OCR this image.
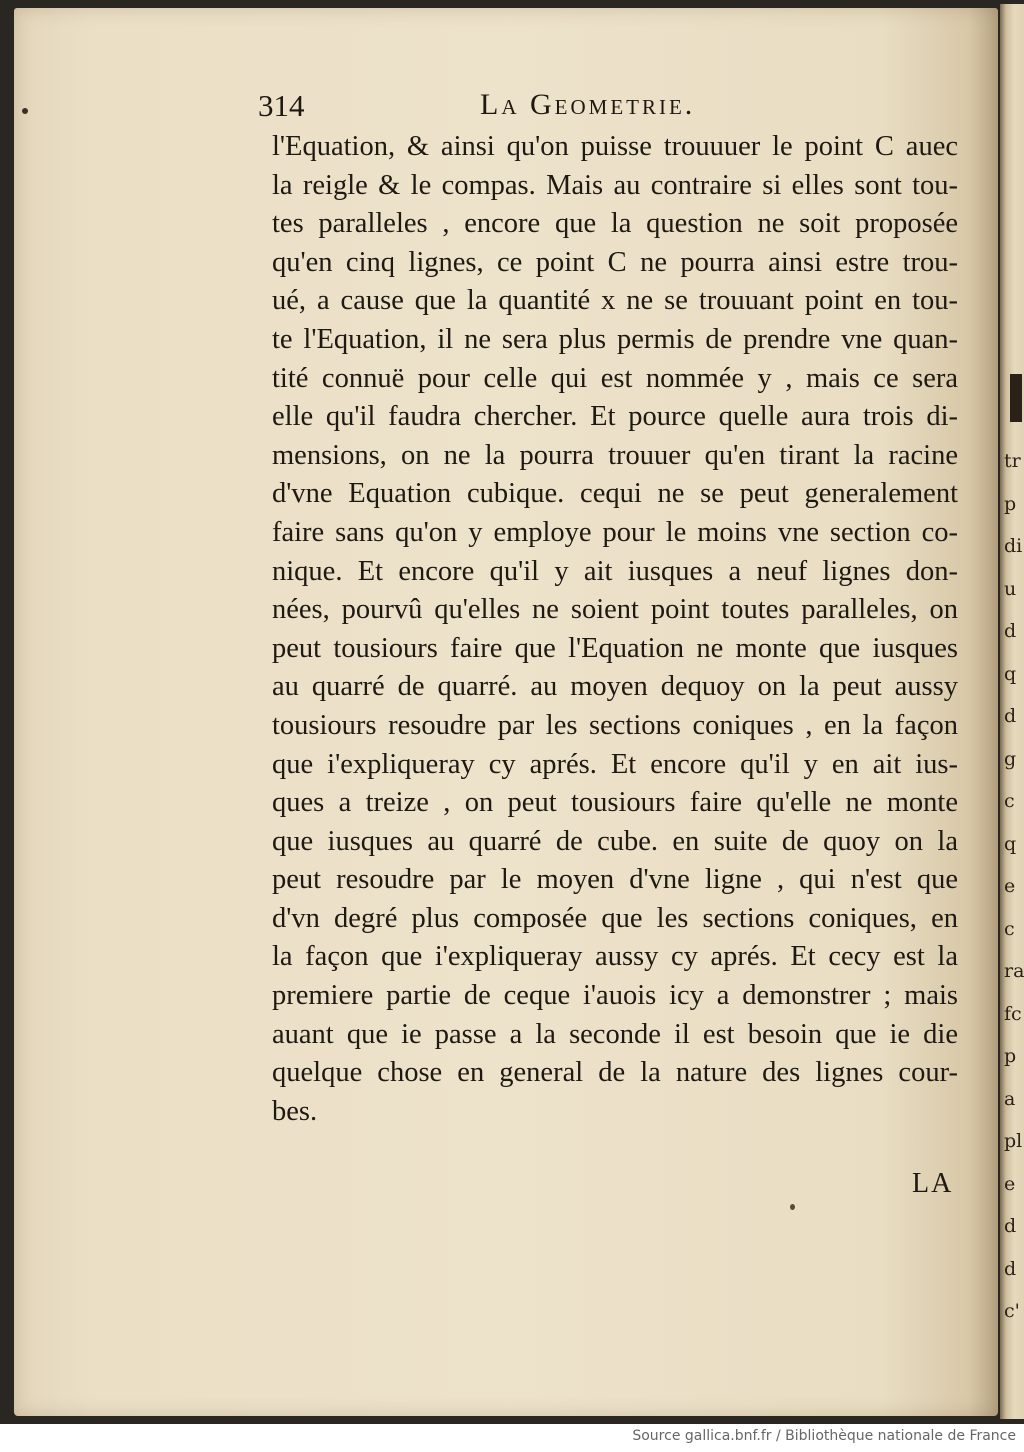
tr
p
di
u
d
q
d
g
c
q
e
c
ra
fc
p
a
pl
e
d
d
c'
314	La Geometrie.
l'Equation, & ainsi qu'on puisse trouuuer le point C auec
la reigle & le compas. Mais au contraire si elles sont tou-
tes paralleles , encore que la question ne soit proposée
qu'en cinq lignes, ce point C ne pourra ainsi estre trou-
ué, a cause que la quantité x ne se trouuant point en tou-
te l'Equation, il ne sera plus permis de prendre vne quan-
tité connuë pour celle qui est nommée y , mais ce sera
elle qu'il faudra chercher. Et pource quelle aura trois di-
mensions, on ne la pourra trouuer qu'en tirant la racine
d'vne Equation cubique. cequi ne se peut generalement
faire sans qu'on y employe pour le moins vne section co-
nique. Et encore qu'il y ait iusques a neuf lignes don-
nées, pourvû qu'elles ne soient point toutes paralleles, on
peut tousiours faire que l'Equation ne monte que iusques
au quarré de quarré. au moyen dequoy on la peut aussy
tousiours resoudre par les sections coniques , en la façon
que i'expliqueray cy aprés. Et encore qu'il y en ait ius-
ques a treize , on peut tousiours faire qu'elle ne monte
que iusques au quarré de cube. en suite de quoy on la
peut resoudre par le moyen d'vne ligne , qui n'est que
d'vn degré plus composée que les sections coniques, en
la façon que i'expliqueray aussy cy aprés. Et cecy est la
premiere partie de ceque i'auois icy a demonstrer ; mais
auant que ie passe a la seconde il est besoin que ie die
quelque chose en general de la nature des lignes cour-
bes.
LA
Source gallica.bnf.fr / Bibliothèque nationale de France
